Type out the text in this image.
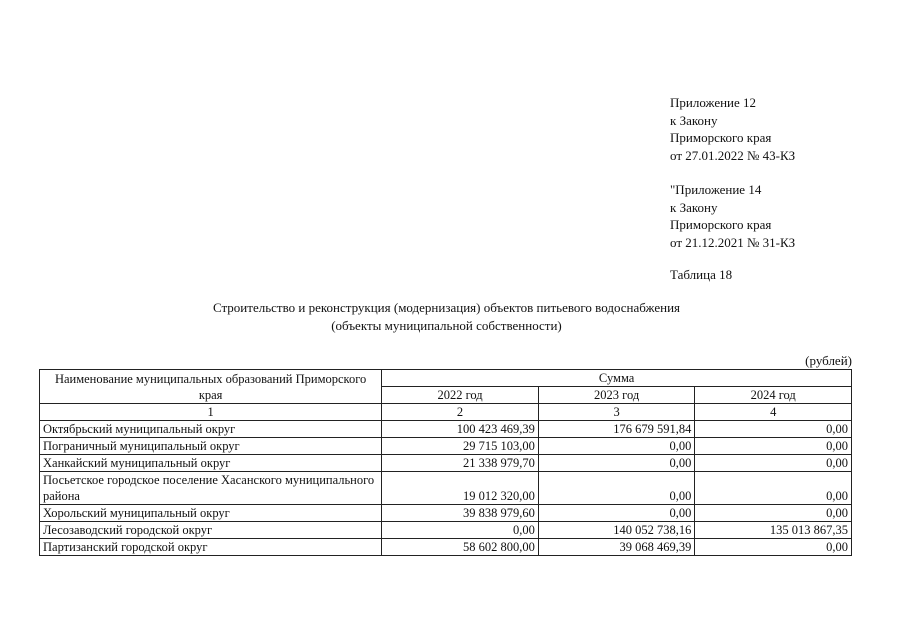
Приложение 12
к Закону
Приморского края
от 27.01.2022 № 43-КЗ
"Приложение 14
к Закону
Приморского края
от 21.12.2021 № 31-КЗ
Таблица 18
Строительство и реконструкция (модернизация) объектов питьевого водоснабжения
(объекты муниципальной собственности)
(рублей)
Наименование муниципальных образований Приморского края	Сумма		
	2022 год	2023 год	2024 год
1	2	3	4
Октябрьский муниципальный округ	100 423 469,39	176 679 591,84	0,00
Пограничный муниципальный округ	29 715 103,00	0,00	0,00
Ханкайский муниципальный округ	21 338 979,70	0,00	0,00
Посьетское городское поселение Хасанского муниципального района	19 012 320,00	0,00	0,00
Хорольский муниципальный округ	39 838 979,60	0,00	0,00
Лесозаводский городской округ	0,00	140 052 738,16	135 013 867,35
Партизанский городской округ	58 602 800,00	39 068 469,39	0,00
